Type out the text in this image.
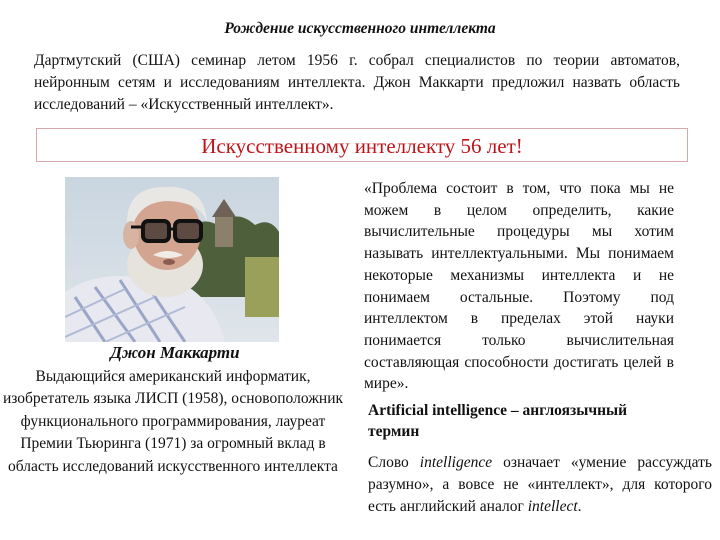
Рождение искусственного интеллекта
Дартмутский (США) семинар летом 1956 г. собрал специалистов по теории автоматов, нейронным сетям и исследованиям интеллекта. Джон Маккарти предложил назвать область исследований – «Искусственный интеллект».
Искусственному интеллекту 56 лет!
Джон Маккарти
Выдающийся американский информатик, изобретатель языка ЛИСП (1958), основоположник функционального программирования, лауреат Премии Тьюринга (1971) за огромный вклад в область исследований искусственного интеллекта
«Проблема состоит в том, что пока мы не можем в целом определить, какие вычислительные процедуры мы хотим называть интеллектуальными. Мы понимаем некоторые механизмы интеллекта и не понимаем остальные. Поэтому под интеллектом в пределах этой науки понимается только вычислительная составляющая способности достигать целей в мире».
Artificial intelligence – англоязычный термин
Слово intelligence означает «умение рассуждать разумно», а вовсе не «интеллект», для которого есть английский аналог intellect.
